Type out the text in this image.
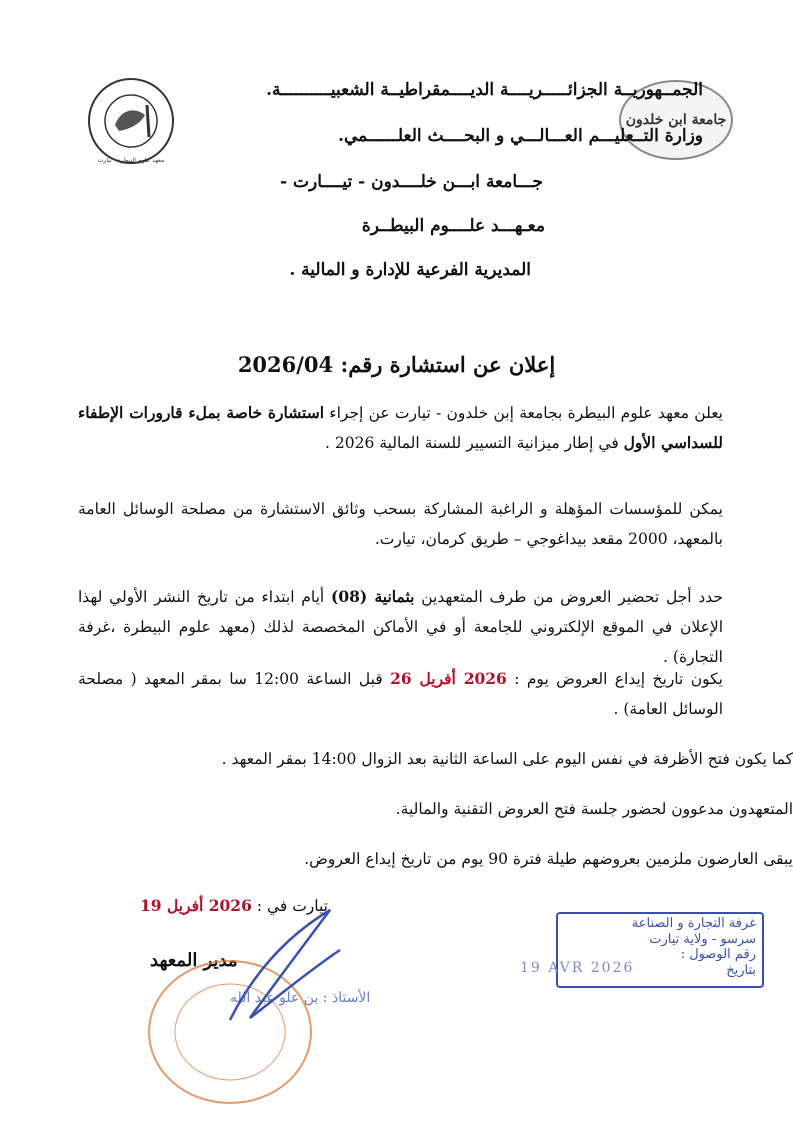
جامعة ابن خلدون
معهد علوم البيطرة - تيارت
الجمــهوريــة الجزائـــــريــــة الديــــمقراطيــة الشعبيــــــــــة.
وزارة التــعليـــم العـــالـــي و البحــــث العلــــــمي.
جـــامعة ابـــن خلــــدون - تيــــارت -
معـهـــد علــــوم البيطــرة
المديرية الفرعية للإدارة و المالية .
إعلان عن استشارة رقم: 2026/04
يعلن معهد علوم البيطرة بجامعة إبن خلدون - تيارت عن إجراء استشارة خاصة بملء قارورات الإطفاء للسداسي الأول في إطار ميزانية التسيير للسنة المالية 2026 .
يمكن للمؤسسات المؤهلة و الراغبة المشاركة بسحب وثائق الاستشارة من مصلحة الوسائل العامة بالمعهد، 2000 مقعد بيداغوجي – طريق كرمان، تيارت.
حدد أجل تحضير العروض من طرف المتعهدين بثمانية (08) أيام ابتداء من تاريخ النشر الأولي لهذا الإعلان في الموقع الإلكتروني للجامعة أو في الأماكن المخصصة لذلك (معهد علوم البيطرة ،غرفة التجارة) .
يكون تاريخ إيداع العروض يوم : 2026 أفريل 26 قبل الساعة 12:00 سا بمقر المعهد ( مصلحة الوسائل العامة) .
كما يكون فتح الأظرفة في نفس اليوم على الساعة الثانية بعد الزوال 14:00 بمقر المعهد .
المتعهدون مدعوون لحضور جلسة فتح العروض التقنية والمالية.
يبقى العارضون ملزمين بعروضهم طيلة فترة 90 يوم من تاريخ إيداع العروض.
تيارت في : 2026 أفريل 19
مدير المعهد
الأستاذ : بن علو عبد الله
غرفة التجارة و الصناعة
سرسو - ولاية تيارت
رقم الوصول :
بتاريخ
19 AVR 2026
